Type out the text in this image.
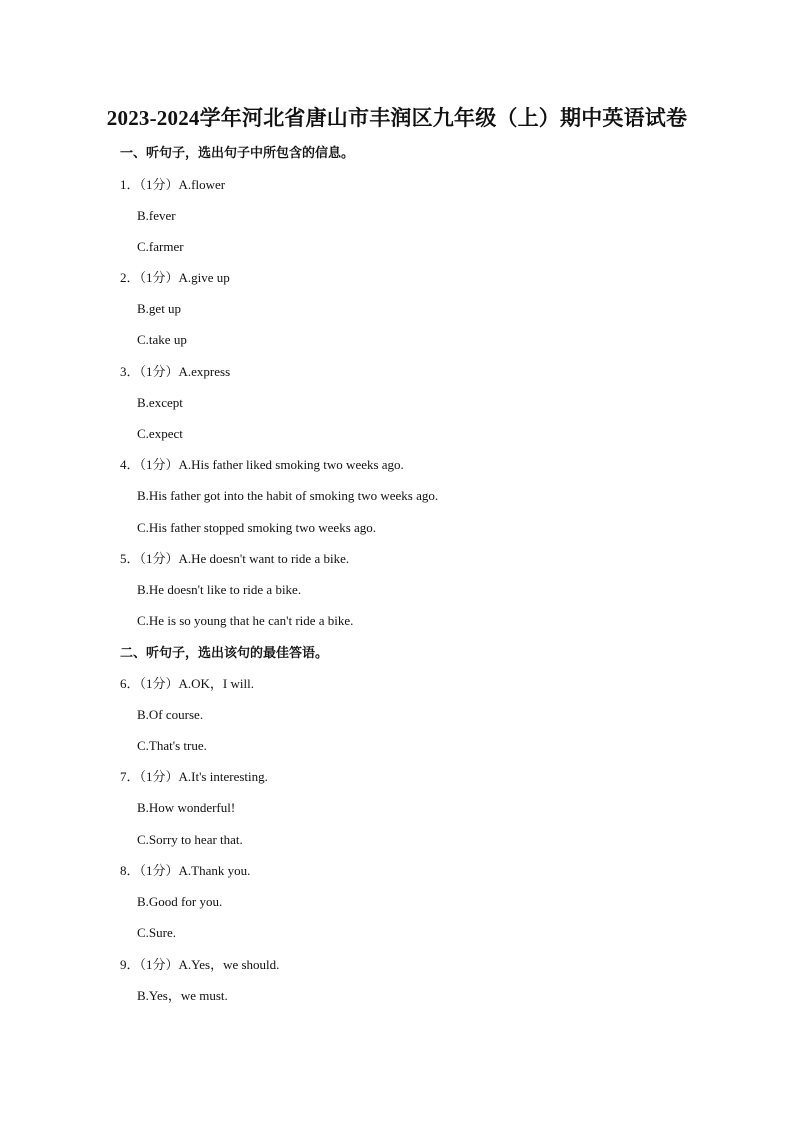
2023-2024学年河北省唐山市丰润区九年级（上）期中英语试卷
一、听句子，选出句子中所包含的信息。
1．（1分）A.flower
B.fever
C.farmer
2．（1分）A.give up
B.get up
C.take up
3．（1分）A.express
B.except
C.expect
4．（1分）A.His father liked smoking two weeks ago.
B.His father got into the habit of smoking two weeks ago.
C.His father stopped smoking two weeks ago.
5．（1分）A.He doesn't want to ride a bike.
B.He doesn't like to ride a bike.
C.He is so young that he can't ride a bike.
二、听句子，选出该句的最佳答语。
6．（1分）A.OK，I will.
B.Of course.
C.That's true.
7．（1分）A.It's interesting.
B.How wonderful!
C.Sorry to hear that.
8．（1分）A.Thank you.
B.Good for you.
C.Sure.
9．（1分）A.Yes，we should.
B.Yes，we must.
